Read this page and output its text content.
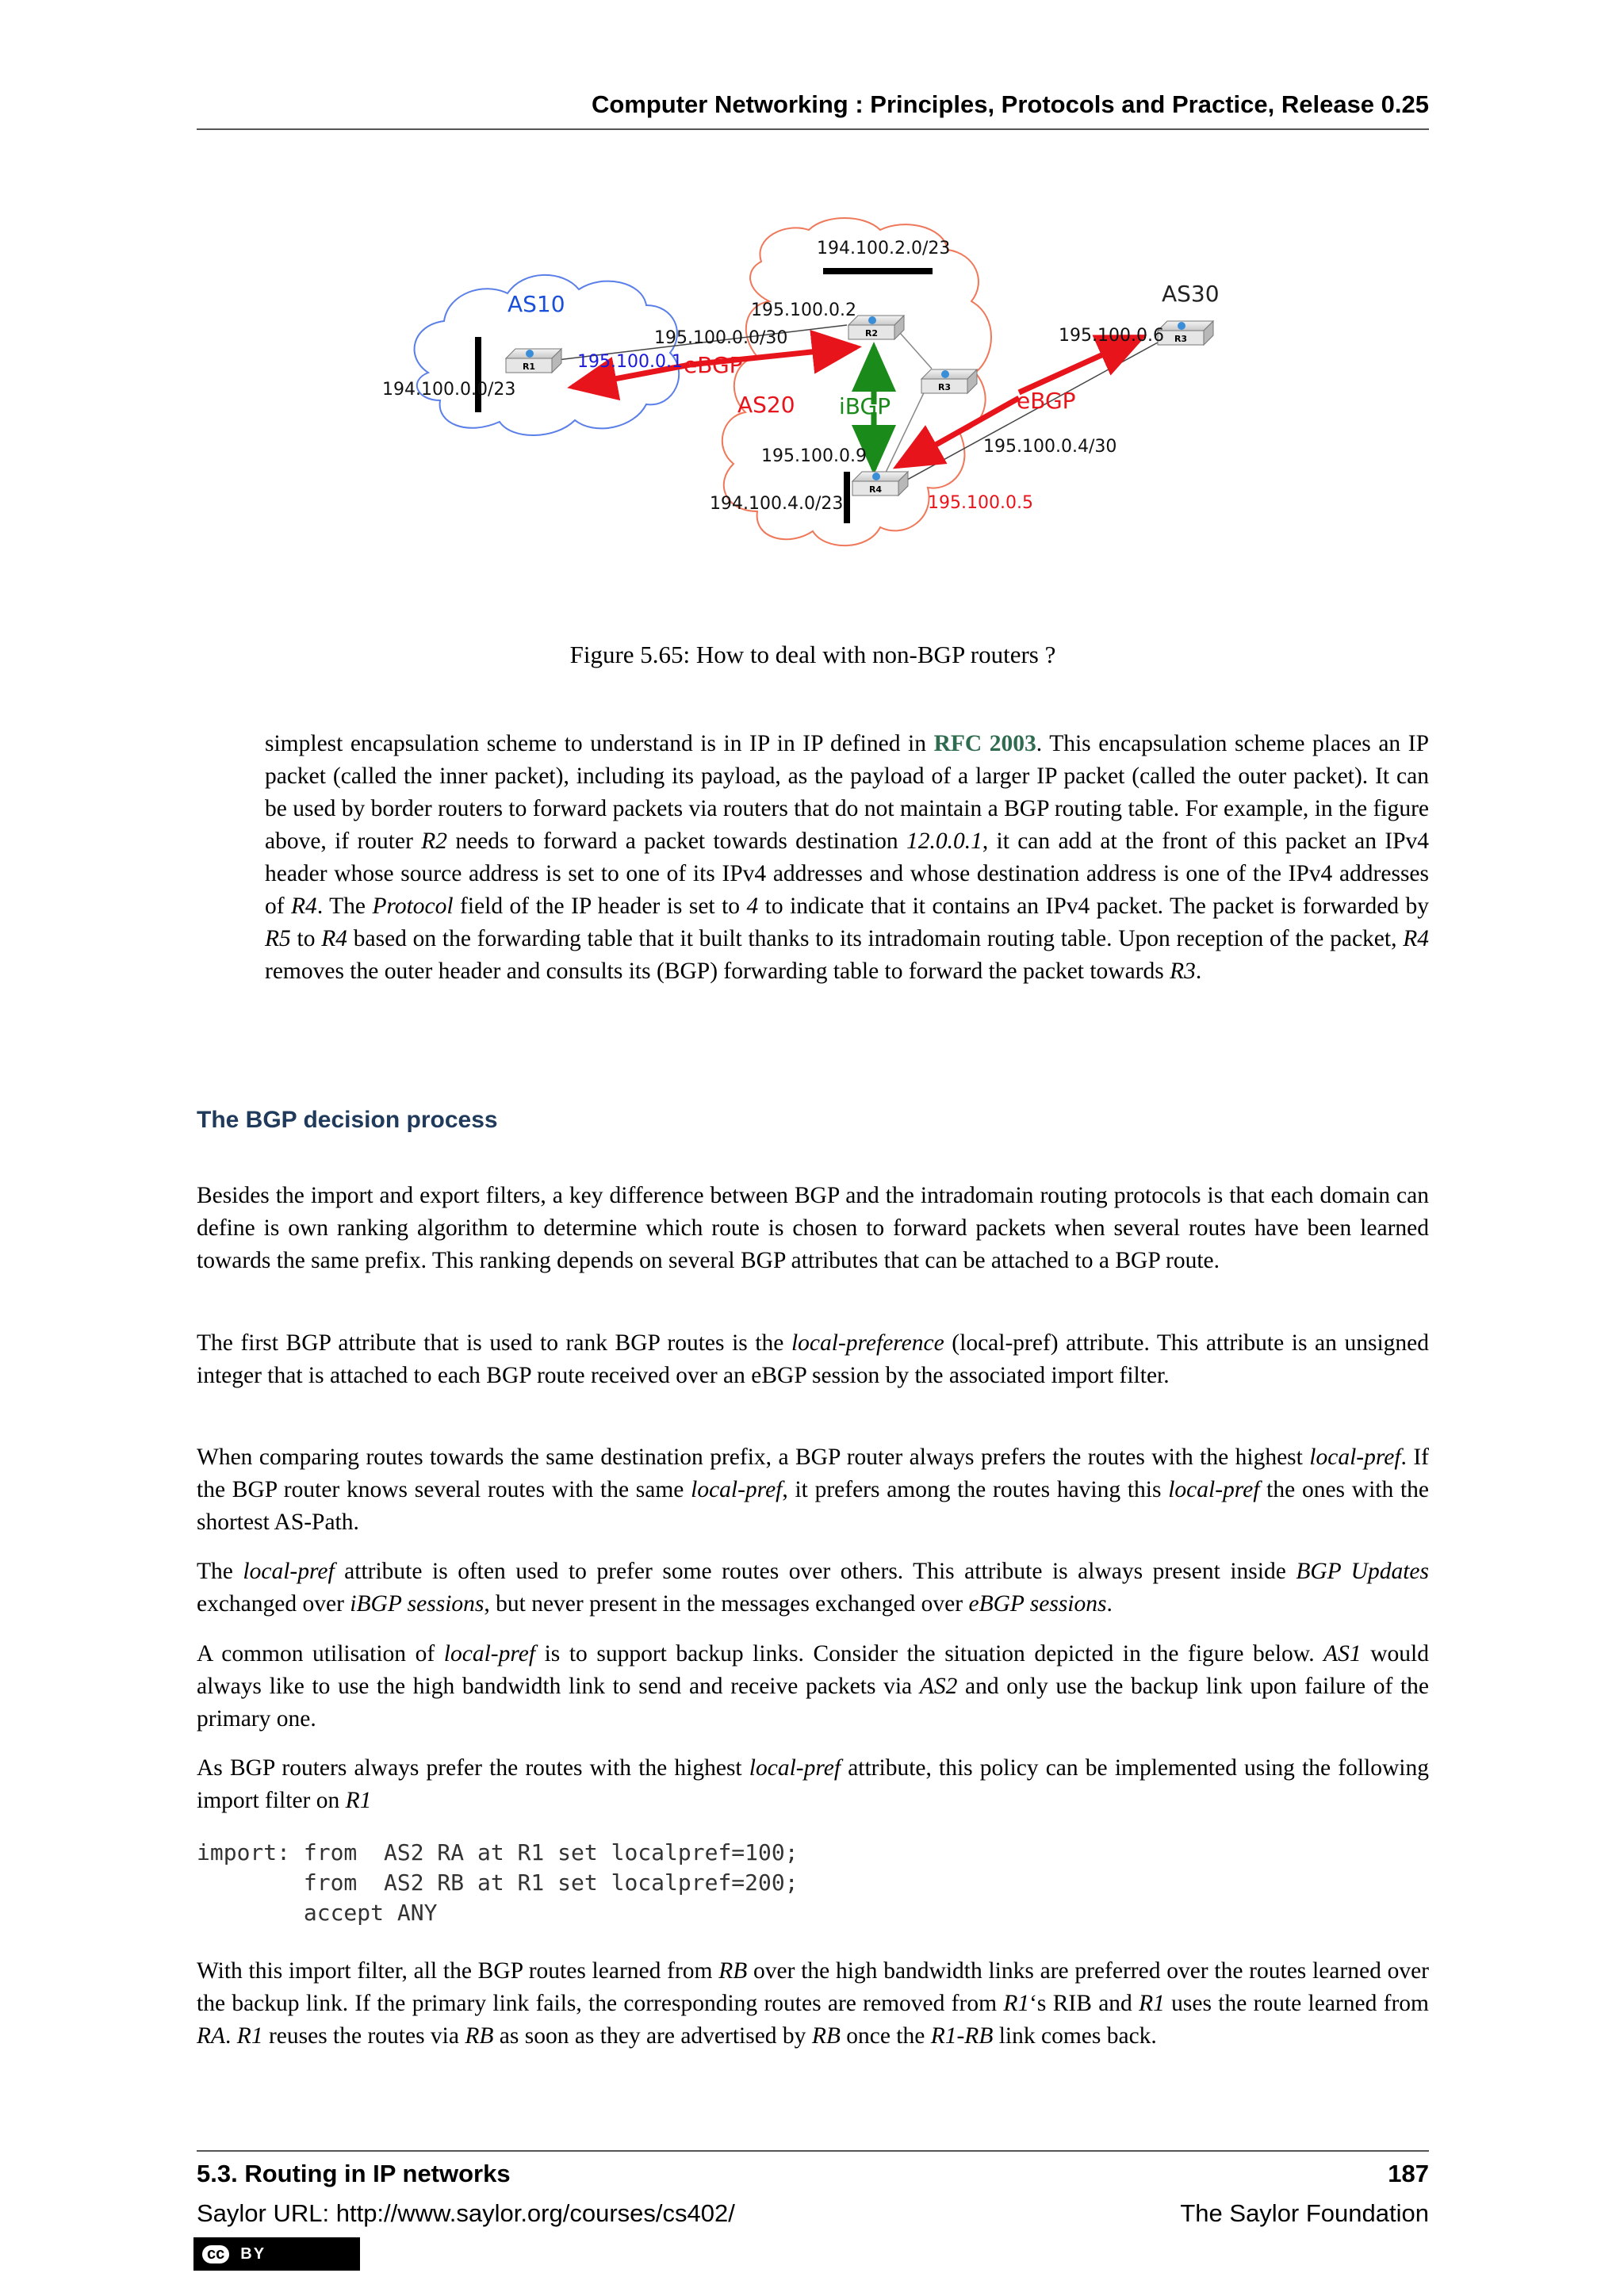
Computer Networking : Principles, Protocols and Practice, Release 0.25
R1
R2
R3
R3
R4
AS10
AS20
AS30
194.100.0.0/23
194.100.2.0/23
194.100.4.0/23
195.100.0.0/30
195.100.0.2
195.100.0.1
195.100.0.6
195.100.0.4/30
195.100.0.9
195.100.0.5
eBGP
iBGP	eBGP
Figure 5.65: How to deal with non-BGP routers ?

simplest encapsulation scheme to understand is in IP in IP defined in RFC 2003. This encapsulation scheme places an IP packet (called the inner packet), including its payload, as the payload of a larger IP packet (called the outer packet). It can be used by border routers to forward packets via routers that do not maintain a BGP routing table. For example, in the figure above, if router R2 needs to forward a packet towards destination 12.0.0.1, it can add at the front of this packet an IPv4 header whose source address is set to one of its IPv4 addresses and whose destination address is one of the IPv4 addresses of R4. The Protocol field of the IP header is set to 4 to indicate that it contains an IPv4 packet. The packet is forwarded by R5 to R4 based on the forwarding table that it built thanks to its intradomain routing table. Upon reception of the packet, R4 removes the outer header and consults its (BGP) forwarding table to forward the packet towards R3.

The BGP decision process

Besides the import and export filters, a key difference between BGP and the intradomain routing protocols is that each domain can define is own ranking algorithm to determine which route is chosen to forward packets when several routes have been learned towards the same prefix. This ranking depends on several BGP attributes that can be attached to a BGP route.

The first BGP attribute that is used to rank BGP routes is the local-preference (local-pref) attribute. This attribute is an unsigned integer that is attached to each BGP route received over an eBGP session by the associated import filter.

When comparing routes towards the same destination prefix, a BGP router always prefers the routes with the highest local-pref. If the BGP router knows several routes with the same local-pref, it prefers among the routes having this local-pref the ones with the shortest AS-Path.

The local-pref attribute is often used to prefer some routes over others. This attribute is always present inside BGP Updates exchanged over iBGP sessions, but never present in the messages exchanged over eBGP sessions.

A common utilisation of local-pref is to support backup links. Consider the situation depicted in the figure below. AS1 would always like to use the high bandwidth link to send and receive packets via AS2 and only use the backup link upon failure of the primary one.

As BGP routers always prefer the routes with the highest local-pref attribute, this policy can be implemented using the following import filter on R1

import: from  AS2 RA at R1 set localpref=100;
from  AS2 RB at R1 set localpref=200;
accept ANY

With this import filter, all the BGP routes learned from RB over the high bandwidth links are preferred over the routes learned over the backup link. If the primary link fails, the corresponding routes are removed from R1‘s RIB and R1 uses the route learned from RA. R1 reuses the routes via RB as soon as they are advertised by RB once the R1-RB link comes back.

5.3. Routing in IP networks	187
Saylor URL: http://www.saylor.org/courses/cs402/	The Saylor Foundation
cc	BY
